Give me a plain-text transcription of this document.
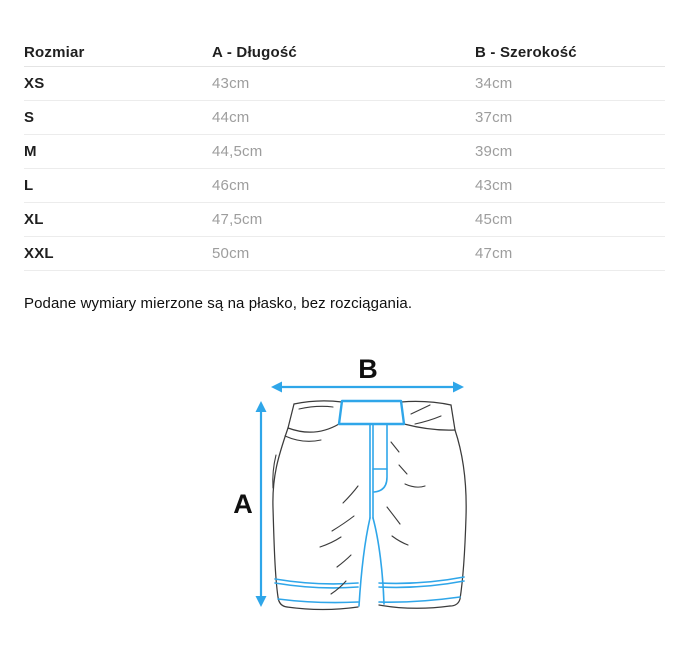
Rozmiar	A - Długość	B - Szerokość
XS	43cm	34cm
S	44cm	37cm
M	44,5cm	39cm
L	46cm	43cm
XL	47,5cm	45cm
XXL	50cm	47cm
Podane wymiary mierzone są na płasko, bez rozciągania.
B
A
